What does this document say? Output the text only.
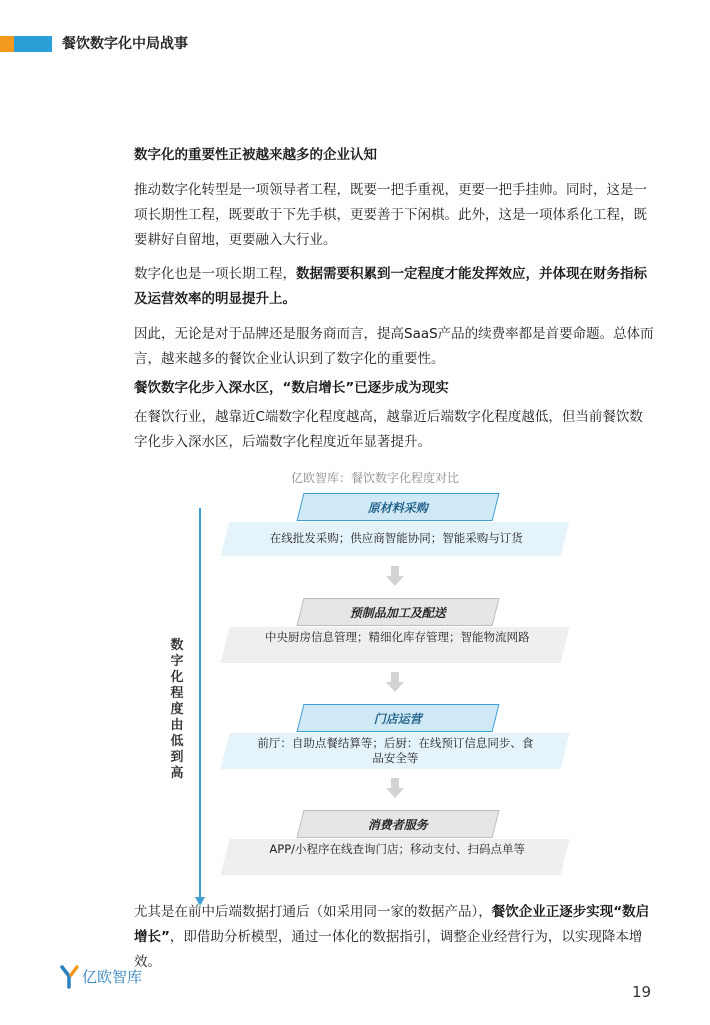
餐饮数字化中局战事
数字化的重要性正被越来越多的企业认知
推动数字化转型是一项领导者工程，既要一把手重视，更要一把手挂帅。同时，这是一项长期性工程，既要敢于下先手棋，更要善于下闲棋。此外，这是一项体系化工程，既要耕好自留地，更要融入大行业。
数字化也是一项长期工程，数据需要积累到一定程度才能发挥效应，并体现在财务指标及运营效率的明显提升上。
因此，无论是对于品牌还是服务商而言，提高SaaS产品的续费率都是首要命题。总体而言，越来越多的餐饮企业认识到了数字化的重要性。
餐饮数字化步入深水区，“数启增长”已逐步成为现实
在餐饮行业，越靠近C端数字化程度越高，越靠近后端数字化程度越低，但当前餐饮数字化步入深水区，后端数字化程度近年显著提升。
亿欧智库：餐饮数字化程度对比
数字化程度由低到高
原材料采购
在线批发采购；供应商智能协同；智能采购与订货
预制品加工及配送
中央厨房信息管理；精细化库存管理；智能物流网路
门店运营
前厅：自助点餐结算等；后厨：在线预订信息同步、食品安全等
消费者服务
APP/小程序在线查询门店；移动支付、扫码点单等
尤其是在前中后端数据打通后（如采用同一家的数据产品），餐饮企业正逐步实现“数启增长”，即借助分析模型，通过一体化的数据指引，调整企业经营行为，以实现降本增效。
亿欧智库
19
